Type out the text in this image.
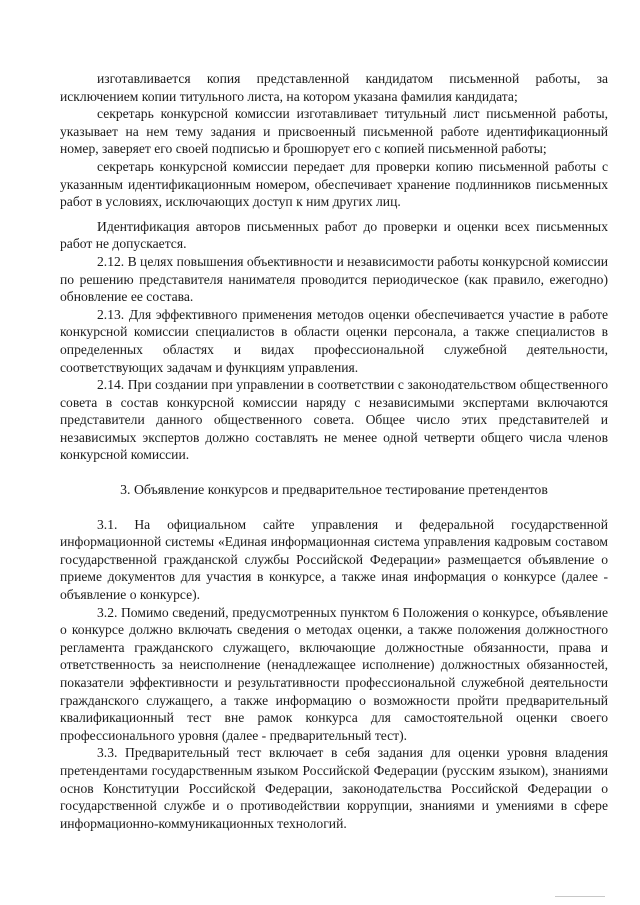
изготавливается копия представленной кандидатом письменной работы, за исключением копии титульного листа, на котором указана фамилия кандидата;

секретарь конкурсной комиссии изготавливает титульный лист письменной работы, указывает на нем тему задания и присвоенный письменной работе идентификационный номер, заверяет его своей подписью и брошюрует его с копией письменной работы;

секретарь конкурсной комиссии передает для проверки копию письменной работы с указанным идентификационным номером, обеспечивает хранение подлинников письменных работ в условиях, исключающих доступ к ним других лиц.

Идентификация авторов письменных работ до проверки и оценки всех письменных работ не допускается.

2.12. В целях повышения объективности и независимости работы конкурсной комиссии по решению представителя нанимателя проводится периодическое (как правило, ежегодно) обновление ее состава.

2.13. Для эффективного применения методов оценки обеспечивается участие в работе конкурсной комиссии специалистов в области оценки персонала, а также специалистов в определенных областях и видах профессиональной служебной деятельности, соответствующих задачам и функциям управления.

2.14. При создании при управлении в соответствии с законодательством общественного совета в состав конкурсной комиссии наряду с независимыми экспертами включаются представители данного общественного совета. Общее число этих представителей и независимых экспертов должно составлять не менее одной четверти общего числа членов конкурсной комиссии.

3. Объявление конкурсов и предварительное тестирование претендентов

3.1. На официальном сайте управления и федеральной государственной информационной системы «Единая информационная система управления кадровым составом государственной гражданской службы Российской Федерации» размещается объявление о приеме документов для участия в конкурсе, а также иная информация о конкурсе (далее - объявление о конкурсе).

3.2. Помимо сведений, предусмотренных пунктом 6 Положения о конкурсе, объявление о конкурсе должно включать сведения о методах оценки, а также положения должностного регламента гражданского служащего, включающие должностные обязанности, права и ответственность за неисполнение (ненадлежащее исполнение) должностных обязанностей, показатели эффективности и результативности профессиональной служебной деятельности гражданского служащего, а также информацию о возможности пройти предварительный квалификационный тест вне рамок конкурса для самостоятельной оценки своего профессионального уровня (далее - предварительный тест).

3.3. Предварительный тест включает в себя задания для оценки уровня владения претендентами государственным языком Российской Федерации (русским языком), знаниями основ Конституции Российской Федерации, законодательства Российской Федерации о государственной службе и о противодействии коррупции, знаниями и умениями в сфере информационно-коммуникационных технологий.
